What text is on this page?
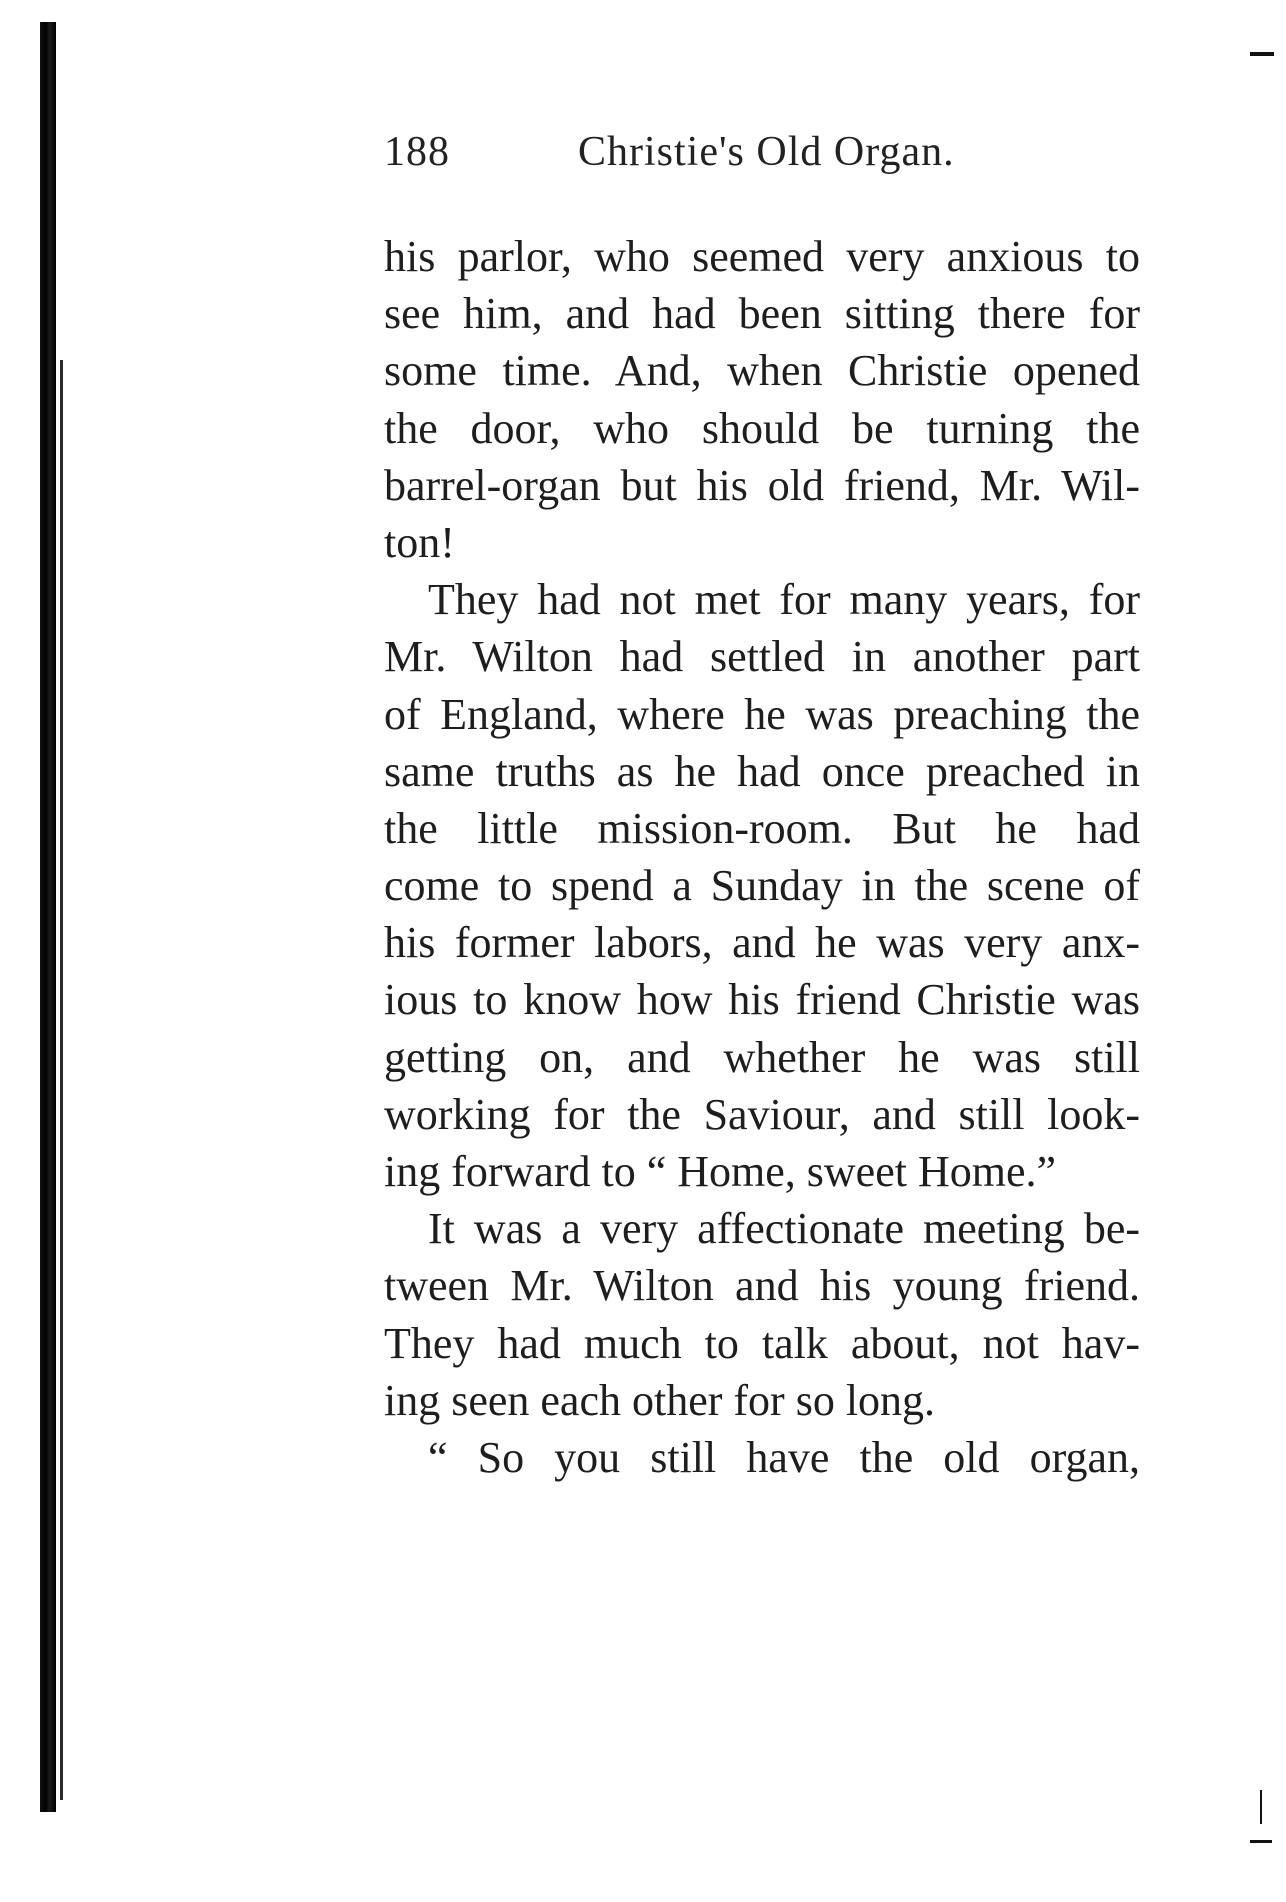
188	Christie's Old Organ.
his parlor, who seemed very anxious to
see him, and had been sitting there for
some time. And, when Christie opened
the door, who should be turning the
barrel-organ but his old friend, Mr. Wil-
ton!
They had not met for many years, for
Mr. Wilton had settled in another part
of England, where he was preaching the
same truths as he had once preached in
the little mission-room. But he had
come to spend a Sunday in the scene of
his former labors, and he was very anx-
ious to know how his friend Christie was
getting on, and whether he was still
working for the Saviour, and still look-
ing forward to “ Home, sweet Home.”
It was a very affectionate meeting be-
tween Mr. Wilton and his young friend.
They had much to talk about, not hav-
ing seen each other for so long.
“ So you still have the old organ,
